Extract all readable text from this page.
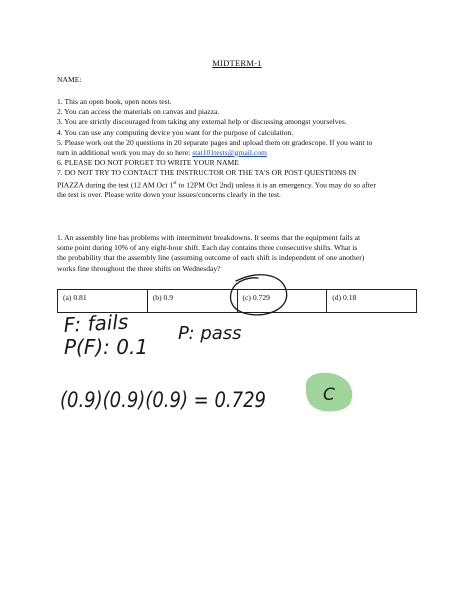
MIDTERM-1
NAME:
1. This an open book, open notes test.
2. You can access the materials on canvas and piazza.
3. You are strictly discouraged from taking any external help or discussing amongst yourselves.
4. You can use any computing device you want for the purpose of calculation.
5. Please work out the 20 questions in 20 separate pages and upload them on gradescope. If you want to
turn in additional work you may do so here: stat101tests@gmail.com
6. PLEASE DO NOT FORGET TO WRITE YOUR NAME
7. DO NOT TRY TO CONTACT THE INSTRUCTOR OR THE TA'S OR POST QUESTIONS IN
PIAZZA during the test (12 AM Oct 1st to 12PM Oct 2nd) unless it is an emergency. You may do so after
the test is over. Please write down your issues/concerns clearly in the test.
1. An assembly line has problems with intermittent breakdowns. It seems that the equipment fails at
some point during 10% of any eight-hour shift. Each day contains three consecutive shifts. What is
the probability that the assembly line (assuming outcome of each shift is independent of one another)
works fine throughout the three shifts on Wednesday?
(a) 0.81	(b) 0.9	(c) 0.729	(d) 0.18
F: fails	P: pass
P(F): 0.1
(0.9)(0.9)(0.9) = 0.729	C
